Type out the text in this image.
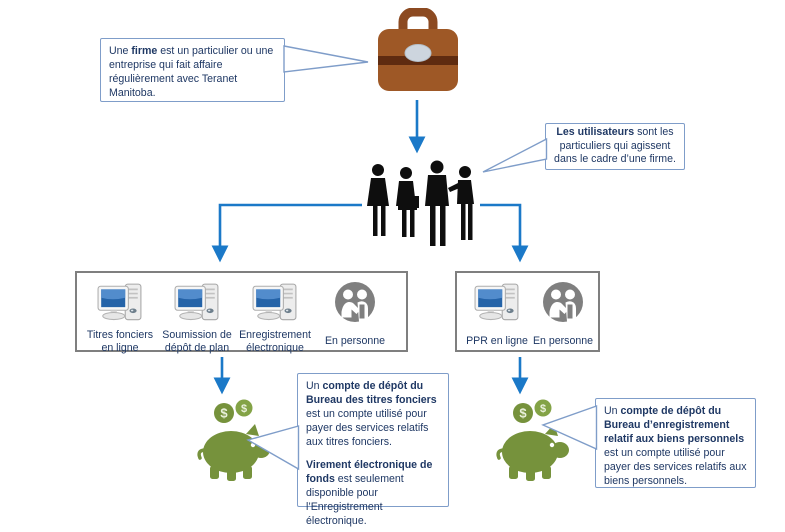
Une firme est un particulier ou une entreprise qui fait affaire régulièrement avec Teranet Manitoba.
Les utilisateurs sont les particuliers qui agissent dans le cadre d’une firme.
Titres fonciers en ligne
Soumission de dépôt de plan
Enregistrement électronique
En personne	PPR en ligne En personne

Un compte de dépôt du Bureau des titres fonciers est un compte utilisé pour payer des services relatifs aux titres fonciers.

Virement électronique de fonds est seulement disponible pour l’Enregistrement électronique.

Un compte de dépôt du Bureau d’enregistrement relatif aux biens personnels est un compte utilisé pour payer des services relatifs aux biens personnels.
